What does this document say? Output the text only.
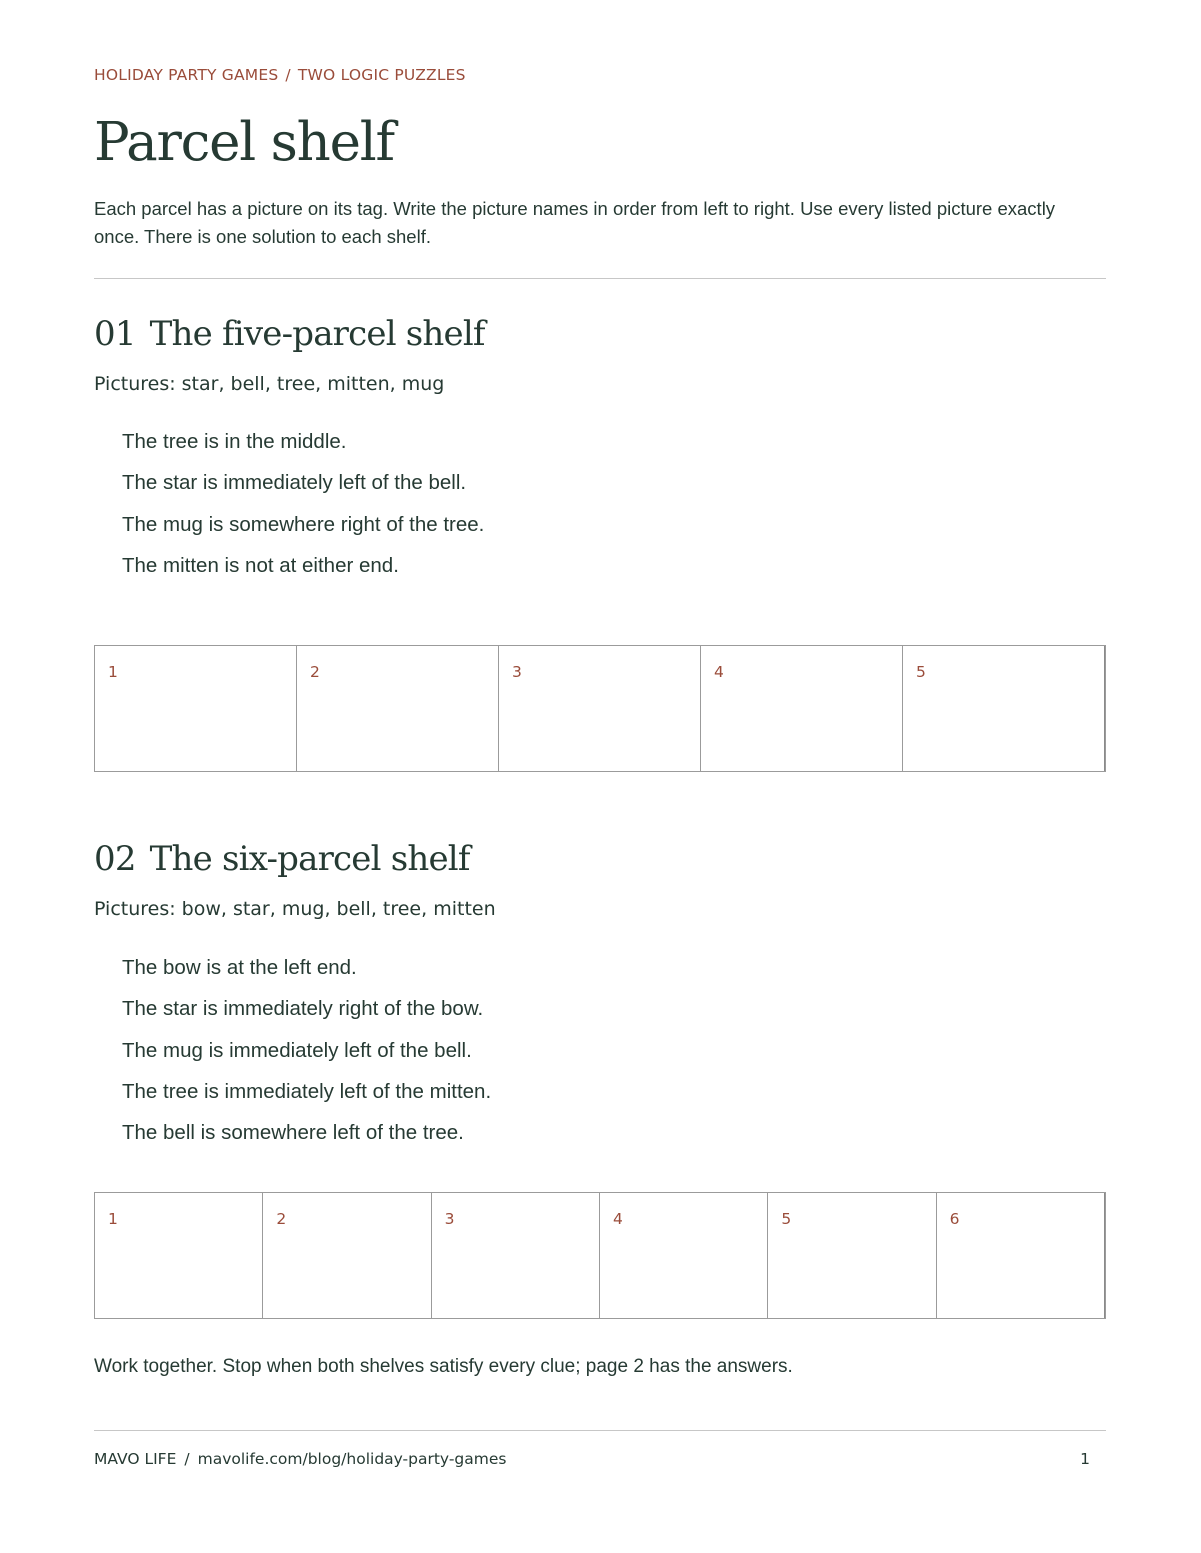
HOLIDAY PARTY GAMES / TWO LOGIC PUZZLES
Parcel shelf

Each parcel has a picture on its tag. Write the picture names in order from left to right. Use every listed picture exactly once. There is one solution to each shelf.

01 The five-parcel shelf
Pictures: star, bell, tree, mitten, mug
The tree is in the middle.
The star is immediately left of the bell.
The mug is somewhere right of the tree.
The mitten is not at either end.
1	2	3	4	5
02 The six-parcel shelf
Pictures: bow, star, mug, bell, tree, mitten
The bow is at the left end.
The star is immediately right of the bow.
The mug is immediately left of the bell.
The tree is immediately left of the mitten.
The bell is somewhere left of the tree.
1	2	3	4	5	6

Work together. Stop when both shelves satisfy every clue; page 2 has the answers.

MAVO LIFE / mavolife.com/blog/holiday-party-games	1
